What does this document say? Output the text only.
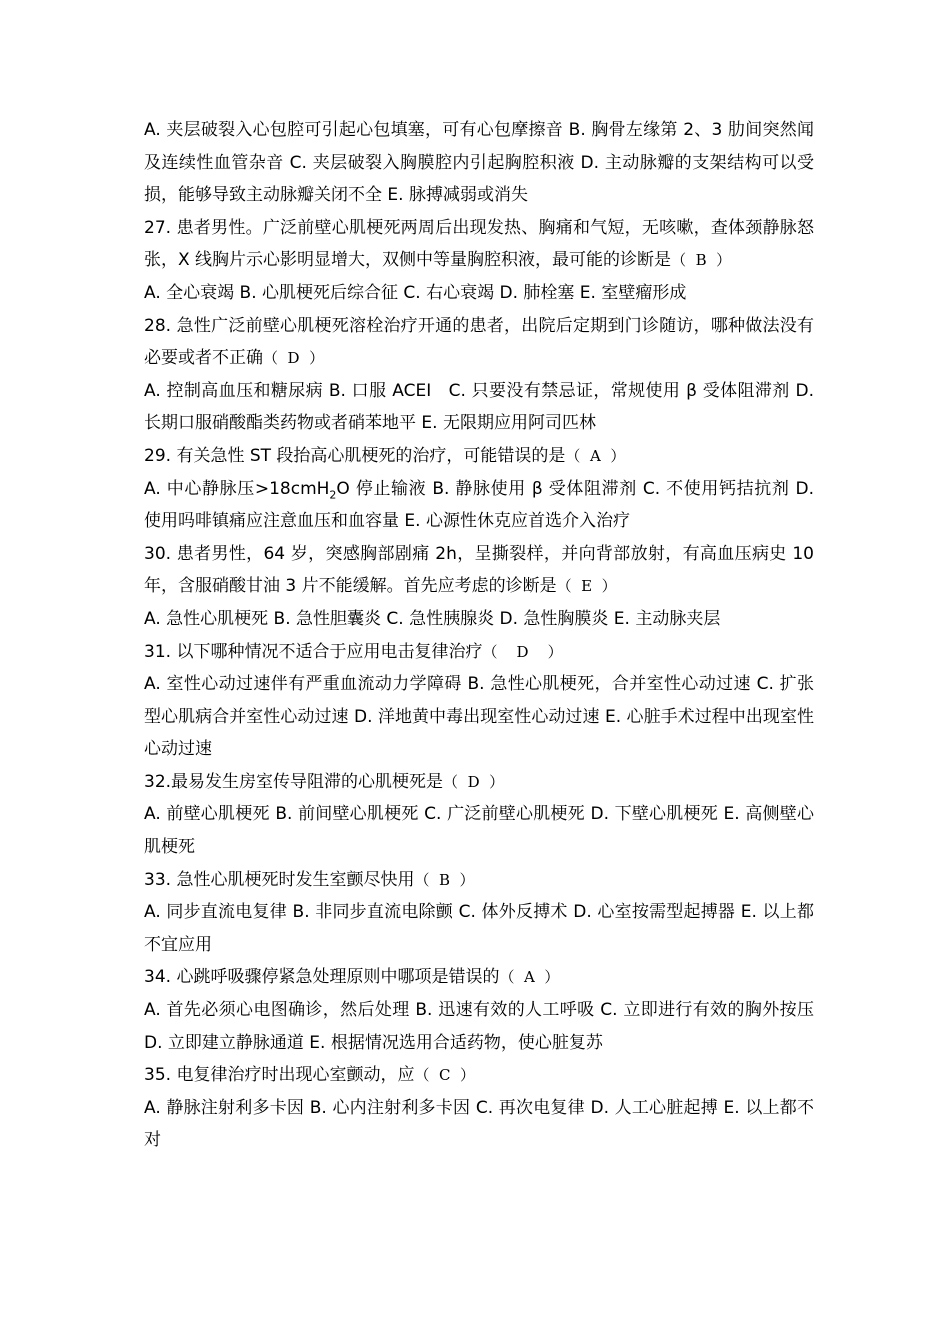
A. 夹层破裂入心包腔可引起心包填塞，可有心包摩擦音 B. 胸骨左缘第 2、3 肋间突然闻及连续性血管杂音 C. 夹层破裂入胸膜腔内引起胸腔积液 D. 主动脉瓣的支架结构可以受损，能够导致主动脉瓣关闭不全 E. 脉搏减弱或消失

27. 患者男性。广泛前壁心肌梗死两周后出现发热、胸痛和气短，无咳嗽，查体颈静脉怒张，X 线胸片示心影明显增大，双侧中等量胸腔积液，最可能的诊断是（  B  ）

A. 全心衰竭 B. 心肌梗死后综合征 C. 右心衰竭 D. 肺栓塞 E. 室壁瘤形成

28. 急性广泛前壁心肌梗死溶栓治疗开通的患者，出院后定期到门诊随访，哪种做法没有必要或者不正确（  D  ）

A. 控制高血压和糖尿病 B. 口服 ACEI   C. 只要没有禁忌证，常规使用 β 受体阻滞剂 D. 长期口服硝酸酯类药物或者硝苯地平 E. 无限期应用阿司匹林

29. 有关急性 ST 段抬高心肌梗死的治疗，可能错误的是（  A  ）

A. 中心静脉压>18cmH$_2$O 停止输液 B. 静脉使用 β 受体阻滞剂 C. 不使用钙拮抗剂 D. 使用吗啡镇痛应注意血压和血容量 E. 心源性休克应首选介入治疗

30. 患者男性，64 岁，突感胸部剧痛 2h，呈撕裂样，并向背部放射，有高血压病史 10 年，含服硝酸甘油 3 片不能缓解。首先应考虑的诊断是（  E  ）

A. 急性心肌梗死 B. 急性胆囊炎 C. 急性胰腺炎 D. 急性胸膜炎 E. 主动脉夹层

31. 以下哪种情况不适合于应用电击复律治疗（    D    ）

A. 室性心动过速伴有严重血流动力学障碍 B. 急性心肌梗死，合并室性心动过速 C. 扩张型心肌病合并室性心动过速 D. 洋地黄中毒出现室性心动过速 E. 心脏手术过程中出现室性心动过速

32.最易发生房室传导阻滞的心肌梗死是（  D  ）

A. 前壁心肌梗死 B. 前间壁心肌梗死 C. 广泛前壁心肌梗死 D. 下壁心肌梗死 E. 高侧壁心肌梗死

33. 急性心肌梗死时发生室颤尽快用（  B  ）

A. 同步直流电复律 B. 非同步直流电除颤 C. 体外反搏术 D. 心室按需型起搏器 E. 以上都不宜应用

34. 心跳呼吸骤停紧急处理原则中哪项是错误的（  A  ）

A. 首先必须心电图确诊，然后处理 B. 迅速有效的人工呼吸 C. 立即进行有效的胸外按压 D. 立即建立静脉通道 E. 根据情况选用合适药物，使心脏复苏

35. 电复律治疗时出现心室颤动，应（  C  ）

A. 静脉注射利多卡因 B. 心内注射利多卡因 C. 再次电复律 D. 人工心脏起搏 E. 以上都不对
